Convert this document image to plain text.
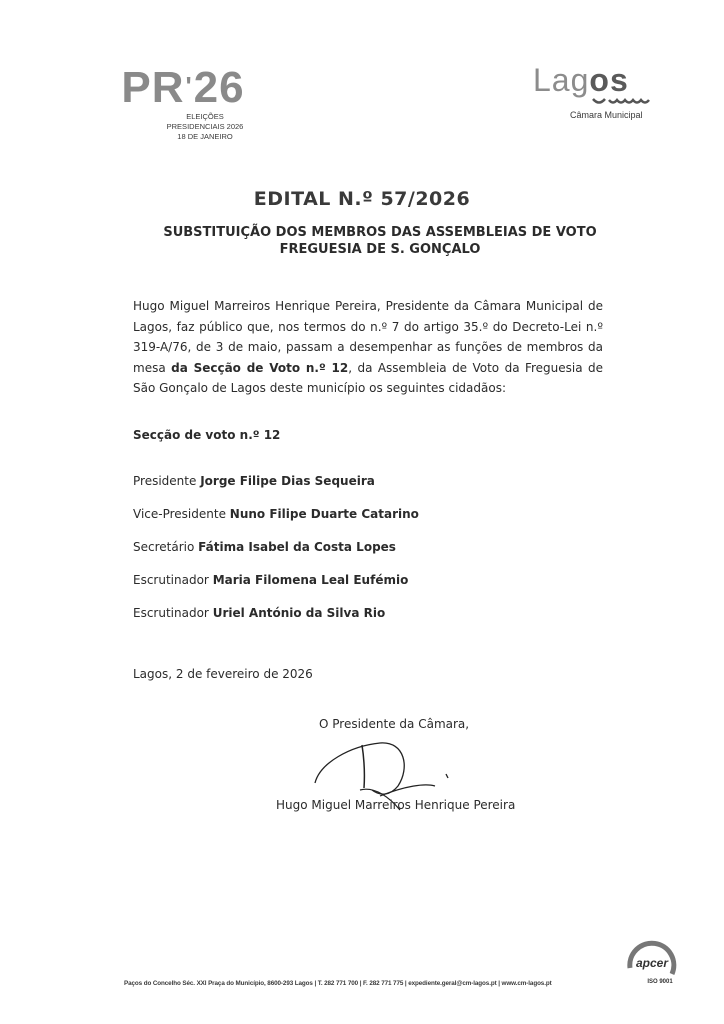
PR'26
ELEIÇÕES
PRESIDENCIAIS 2026
18 DE JANEIRO
Lagos
Câmara Municipal
EDITAL N.º 57/2026
SUBSTITUIÇÃO DOS MEMBROS DAS ASSEMBLEIAS DE VOTO
FREGUESIA DE S. GONÇALO
Hugo Miguel Marreiros Henrique Pereira, Presidente da Câmara Municipal de Lagos, faz público que, nos termos do n.º 7 do artigo 35.º do Decreto-Lei n.º 319-A/76, de 3 de maio, passam a desempenhar as funções de membros da mesa da Secção de Voto n.º 12, da Assembleia de Voto da Freguesia de São Gonçalo de Lagos deste município os seguintes cidadãos:
Secção de voto n.º 12
Presidente Jorge Filipe Dias Sequeira
Vice-Presidente Nuno Filipe Duarte Catarino
Secretário Fátima Isabel da Costa Lopes
Escrutinador Maria Filomena Leal Eufémio
Escrutinador Uriel António da Silva Rio
Lagos, 2 de fevereiro de 2026
O Presidente da Câmara,
Hugo Miguel Marreiros Henrique Pereira
Paços do Concelho Séc. XXI Praça do Município, 8600-293 Lagos | T. 282 771 700 | F. 282 771 775 | expediente.geral@cm-lagos.pt | www.cm-lagos.pt
apcer
ISO 9001
